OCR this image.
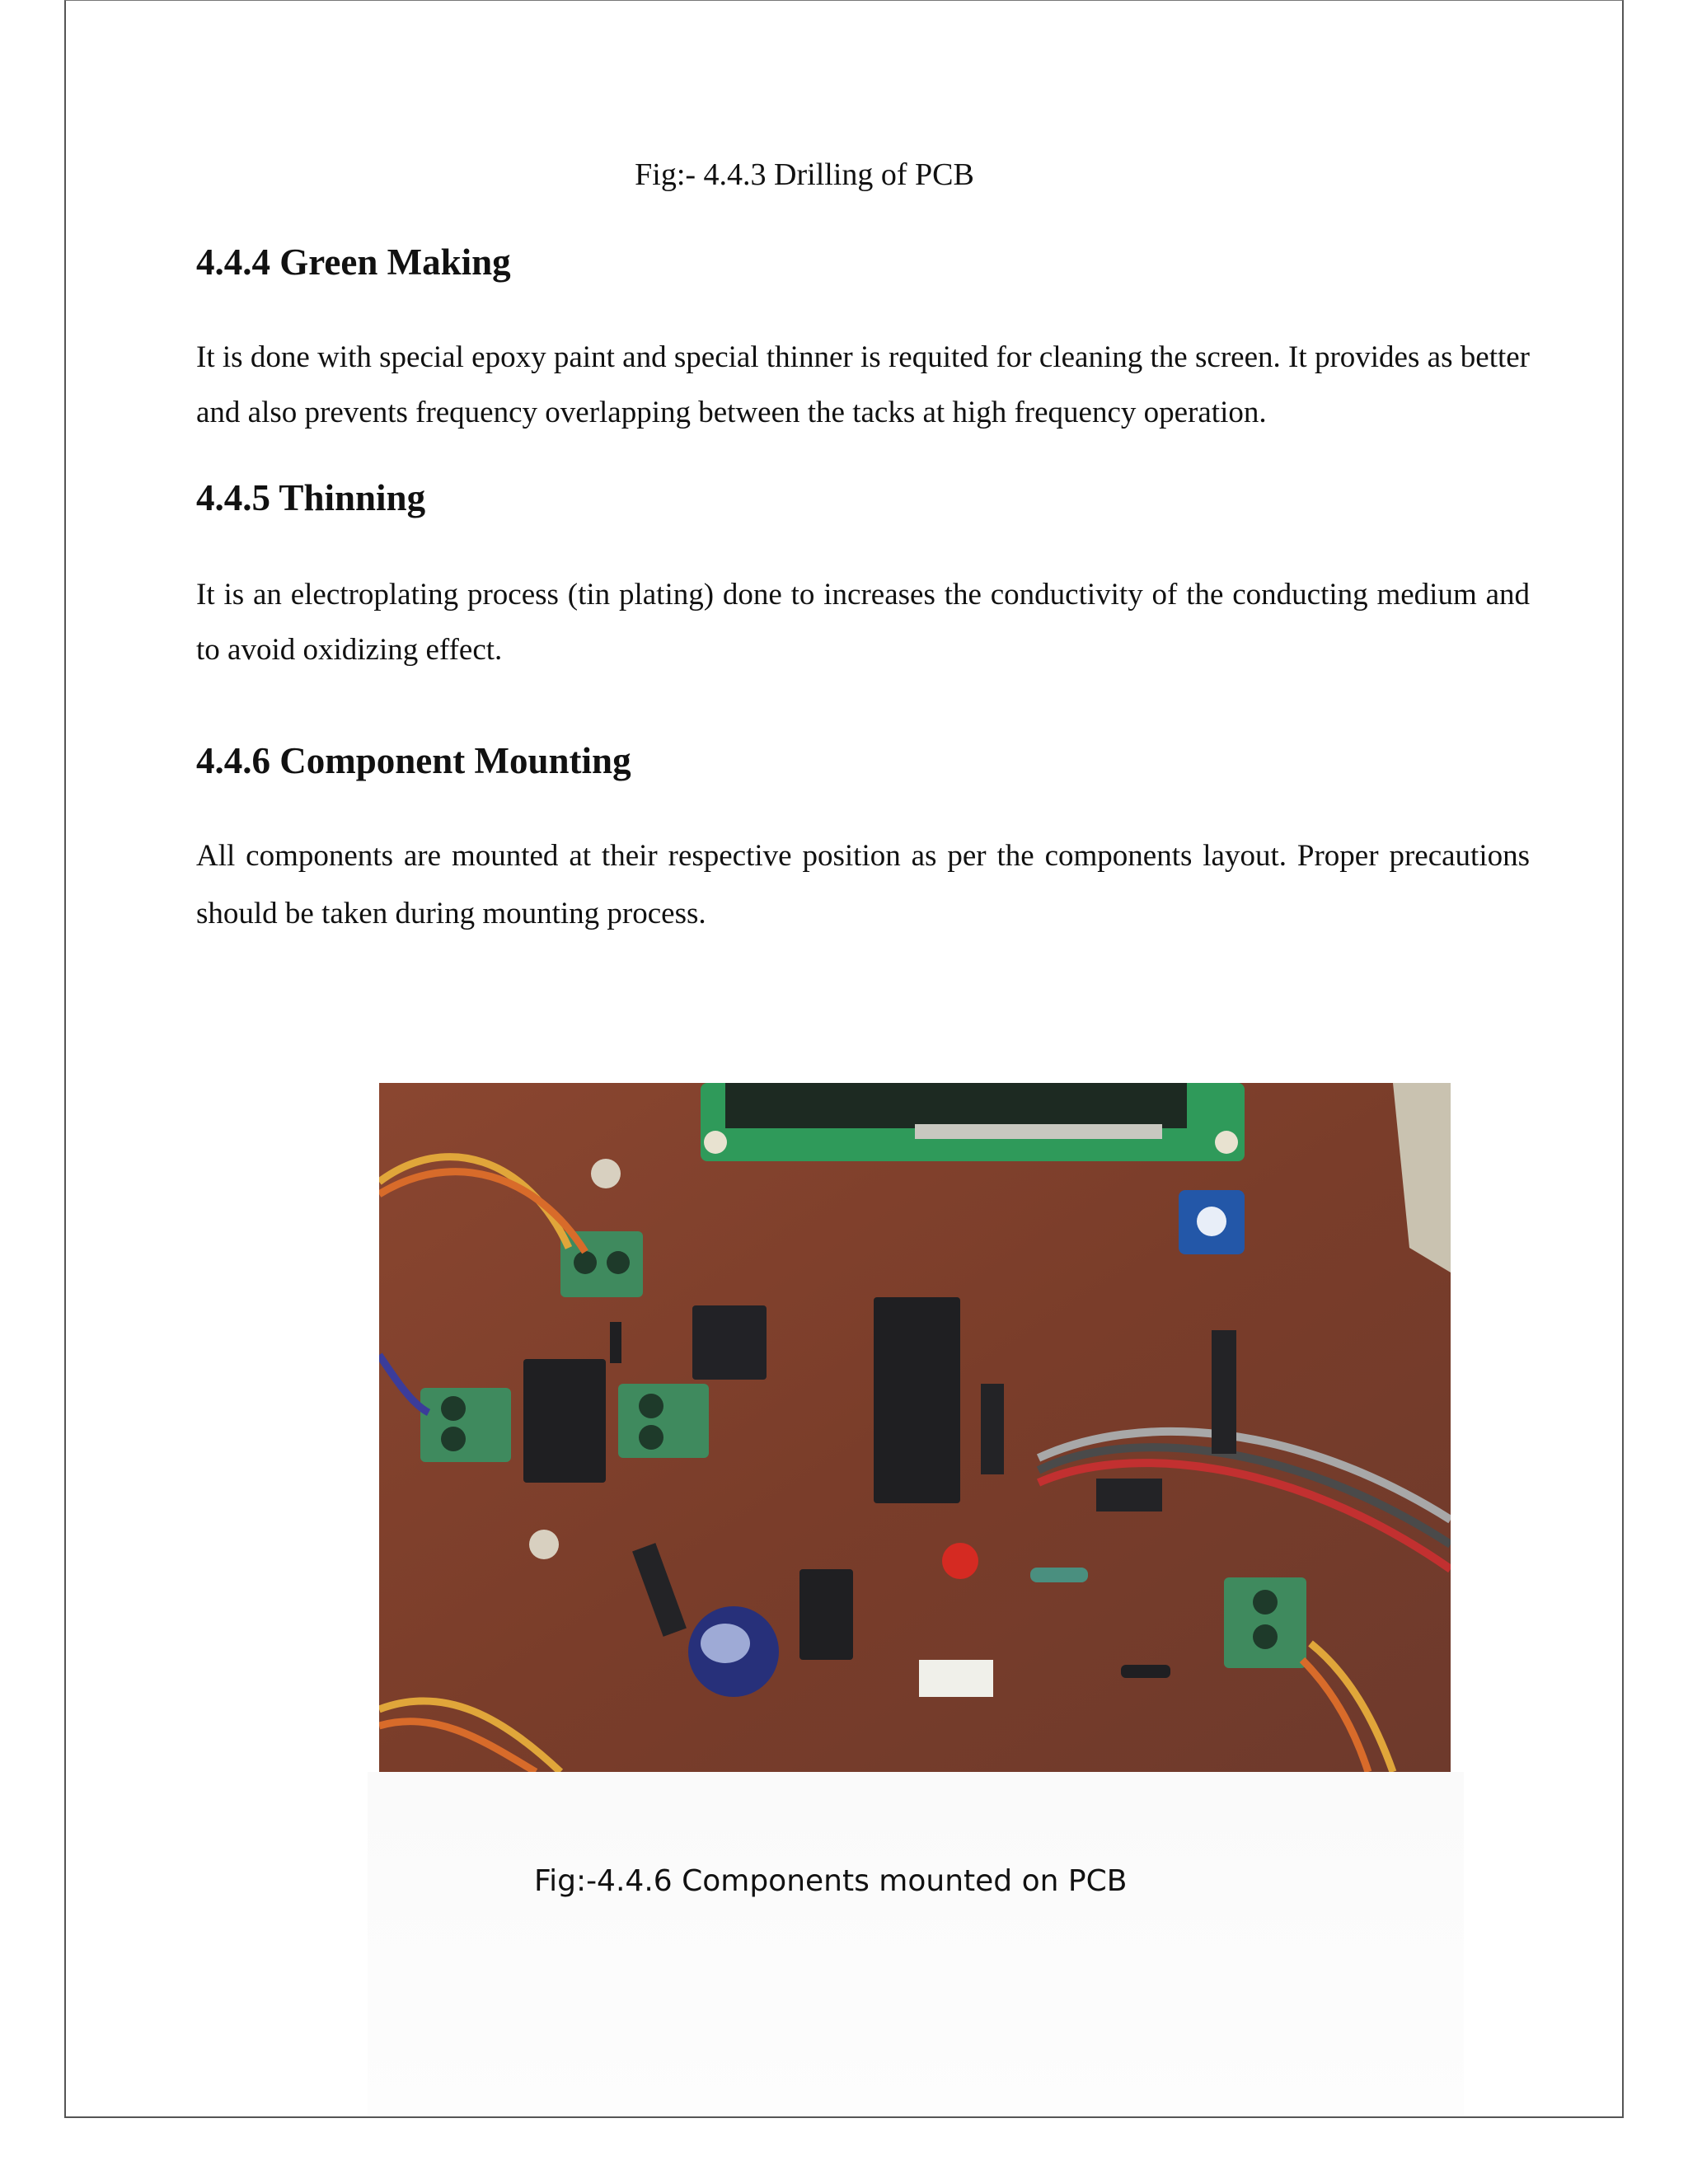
Fig:- 4.4.3 Drilling of PCB
4.4.4 Green Making

It is done with special epoxy paint and special thinner is requited for cleaning the screen. It provides as better and also prevents frequency overlapping between the tacks at high frequency operation.

4.4.5 Thinning

It is an electroplating process (tin plating) done to increases the conductivity of the conducting medium and to avoid oxidizing effect.

4.4.6 Component Mounting

All components are mounted at their respective position as per the components layout. Proper precautions should be taken during mounting process.

Fig:-4.4.6 Components mounted on PCB
